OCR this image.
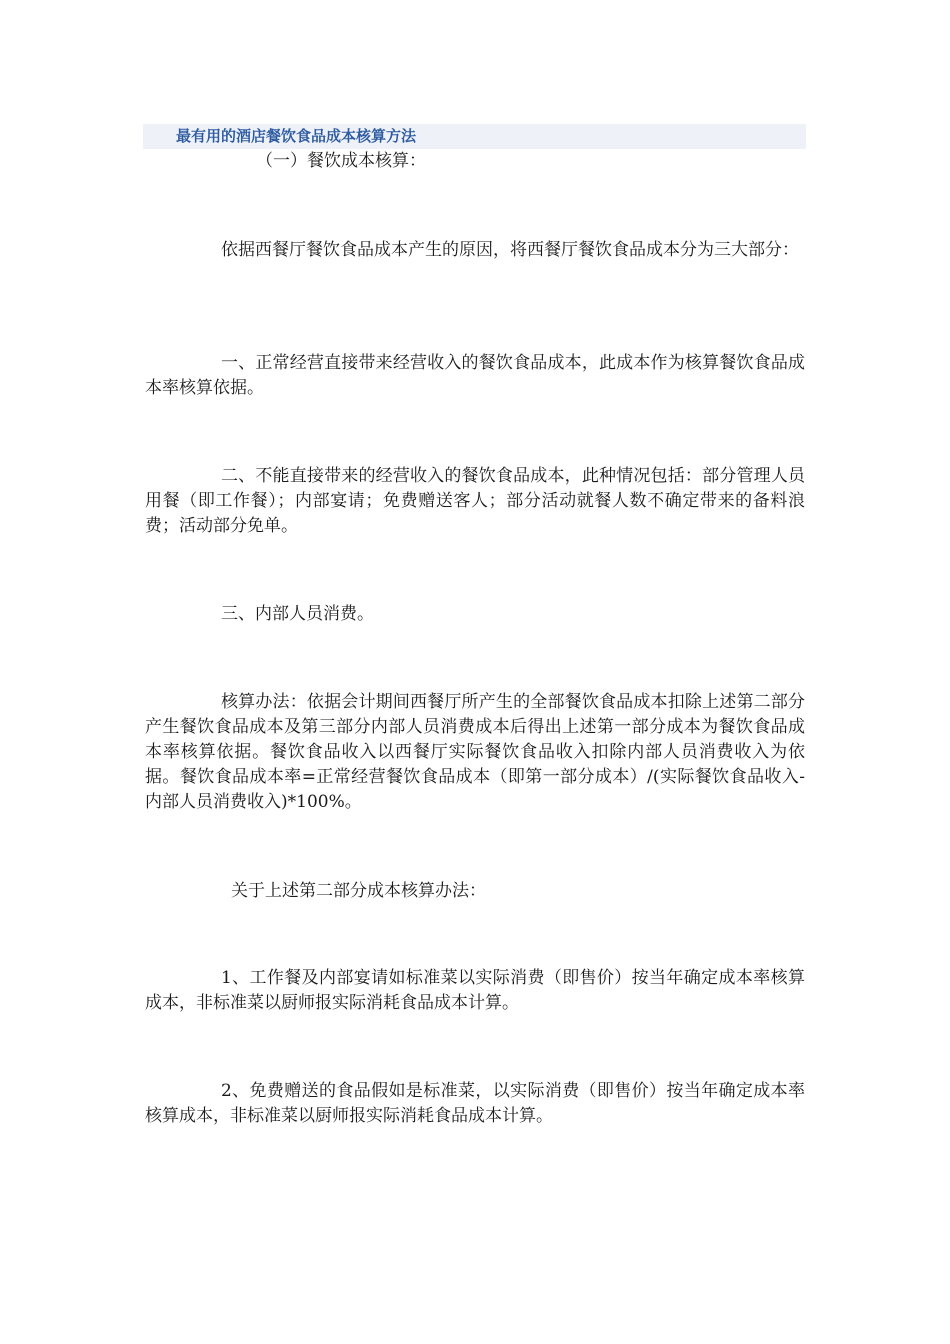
最有用的酒店餐饮食品成本核算方法
（一）餐饮成本核算：

依据西餐厅餐饮食品成本产生的原因，将西餐厅餐饮食品成本分为三大部分：

一、正常经营直接带来经营收入的餐饮食品成本，此成本作为核算餐饮食品成本率核算依据。

二、不能直接带来的经营收入的餐饮食品成本，此种情况包括：部分管理人员用餐（即工作餐）；内部宴请；免费赠送客人；部分活动就餐人数不确定带来的备料浪费；活动部分免单。

三、内部人员消费。

核算办法：依据会计期间西餐厅所产生的全部餐饮食品成本扣除上述第二部分产生餐饮食品成本及第三部分内部人员消费成本后得出上述第一部分成本为餐饮食品成本率核算依据。餐饮食品收入以西餐厅实际餐饮食品收入扣除内部人员消费收入为依据。餐饮食品成本率=正常经营餐饮食品成本（即第一部分成本）/(实际餐饮食品收入-内部人员消费收入)*100%。

关于上述第二部分成本核算办法：

1、工作餐及内部宴请如标准菜以实际消费（即售价）按当年确定成本率核算成本，非标准菜以厨师报实际消耗食品成本计算。

2、免费赠送的食品假如是标准菜，以实际消费（即售价）按当年确定成本率核算成本，非标准菜以厨师报实际消耗食品成本计算。
